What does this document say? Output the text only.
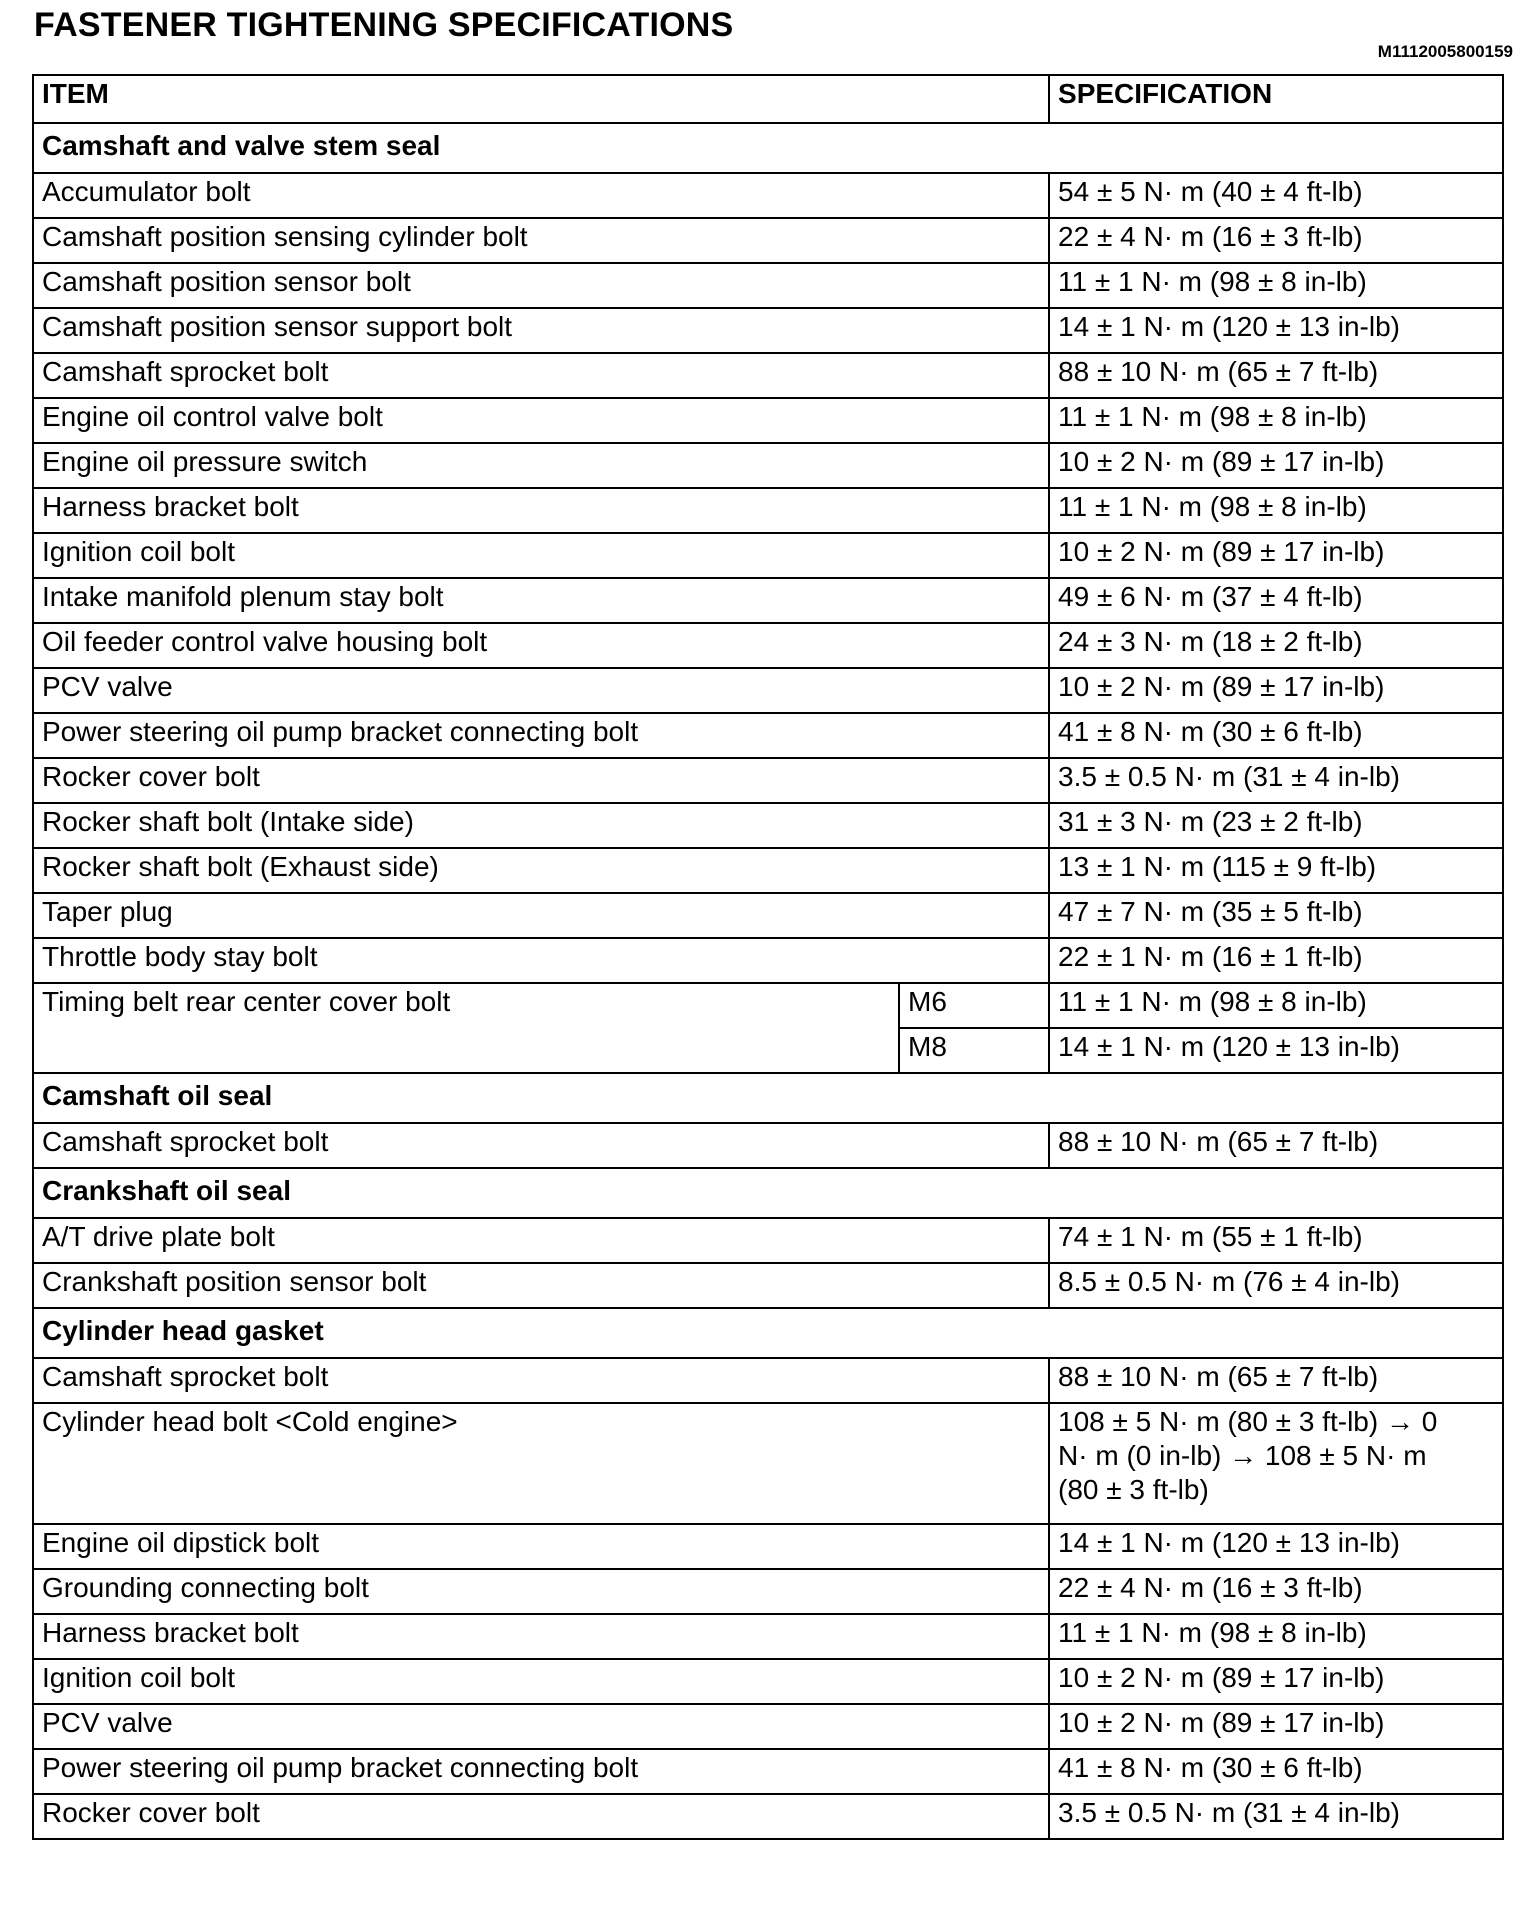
FASTENER TIGHTENING SPECIFICATIONS
M1112005800159
ITEM		SPECIFICATION
Camshaft and valve stem seal		
Accumulator bolt		54 ± 5 N· m (40 ± 4 ft-lb)
Camshaft position sensing cylinder bolt		22 ± 4 N· m (16 ± 3 ft-lb)
Camshaft position sensor bolt		11 ± 1 N· m (98 ± 8 in-lb)
Camshaft position sensor support bolt		14 ± 1 N· m (120 ± 13 in-lb)
Camshaft sprocket bolt		88 ± 10 N· m (65 ± 7 ft-lb)
Engine oil control valve bolt		11 ± 1 N· m (98 ± 8 in-lb)
Engine oil pressure switch		10 ± 2 N· m (89 ± 17 in-lb)
Harness bracket bolt		11 ± 1 N· m (98 ± 8 in-lb)
Ignition coil bolt		10 ± 2 N· m (89 ± 17 in-lb)
Intake manifold plenum stay bolt		49 ± 6 N· m (37 ± 4 ft-lb)
Oil feeder control valve housing bolt		24 ± 3 N· m (18 ± 2 ft-lb)
PCV valve		10 ± 2 N· m (89 ± 17 in-lb)
Power steering oil pump bracket connecting bolt		41 ± 8 N· m (30 ± 6 ft-lb)
Rocker cover bolt		3.5 ± 0.5 N· m (31 ± 4 in-lb)
Rocker shaft bolt (Intake side)		31 ± 3 N· m (23 ± 2 ft-lb)
Rocker shaft bolt (Exhaust side)		13 ± 1 N· m (115 ± 9 ft-lb)
Taper plug		47 ± 7 N· m (35 ± 5 ft-lb)
Throttle body stay bolt		22 ± 1 N· m (16 ± 1 ft-lb)
Timing belt rear center cover bolt	M6	11 ± 1 N· m (98 ± 8 in-lb)
	M8	14 ± 1 N· m (120 ± 13 in-lb)
Camshaft oil seal		
Camshaft sprocket bolt		88 ± 10 N· m (65 ± 7 ft-lb)
Crankshaft oil seal		
A/T drive plate bolt		74 ± 1 N· m (55 ± 1 ft-lb)
Crankshaft position sensor bolt		8.5 ± 0.5 N· m (76 ± 4 in-lb)
Cylinder head gasket		
Camshaft sprocket bolt		88 ± 10 N· m (65 ± 7 ft-lb)
Cylinder head bolt <Cold engine>		108 ± 5 N· m (80 ± 3 ft-lb) → 0
N· m (0 in-lb) → 108 ± 5 N· m
(80 ± 3 ft-lb)
Engine oil dipstick bolt		14 ± 1 N· m (120 ± 13 in-lb)
Grounding connecting bolt		22 ± 4 N· m (16 ± 3 ft-lb)
Harness bracket bolt		11 ± 1 N· m (98 ± 8 in-lb)
Ignition coil bolt		10 ± 2 N· m (89 ± 17 in-lb)
PCV valve		10 ± 2 N· m (89 ± 17 in-lb)
Power steering oil pump bracket connecting bolt		41 ± 8 N· m (30 ± 6 ft-lb)
Rocker cover bolt		3.5 ± 0.5 N· m (31 ± 4 in-lb)
